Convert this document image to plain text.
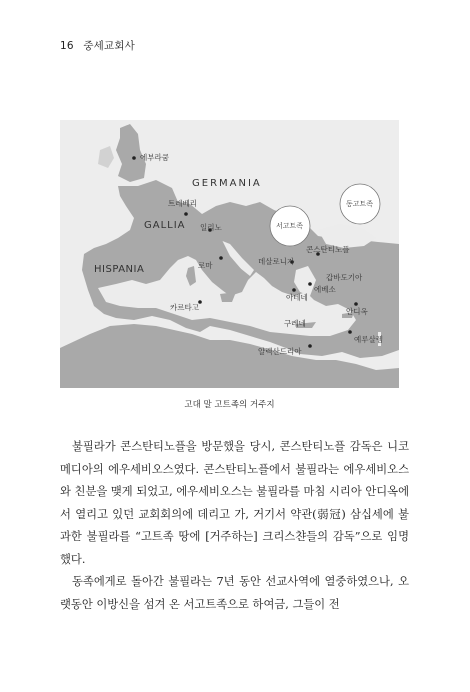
16 중세교회사
에부라쿰
GERMANIA
트레베리
GALLIA 일리노
HISPANIA	로마	데살로니가
콘스탄티노플
갑바도기아
에베소
아테네
안디옥
카르타고
구레네
예루살렘
알렉산드리아
서고트족
동고트족
고대 말 고트족의 거주지

불필라가 콘스탄티노플을 방문했을 당시, 콘스탄티노플 감독은 니코메디아의 에우세비오스였다. 콘스탄티노플에서 불필라는 에우세비오스와 친분을 맺게 되었고, 에우세비오스는 불필라를 마침 시리아 안디옥에서 열리고 있던 교회회의에 데리고 가, 거기서 약관(弱冠) 삼십세에 불과한 불필라를 “고트족 땅에 [거주하는] 크리스챤들의 감독”으로 임명했다.

동족에게로 돌아간 불필라는 7년 동안 선교사역에 열중하였으나, 오랫동안 이방신을 섬겨 온 서고트족으로 하여금, 그들이 전
